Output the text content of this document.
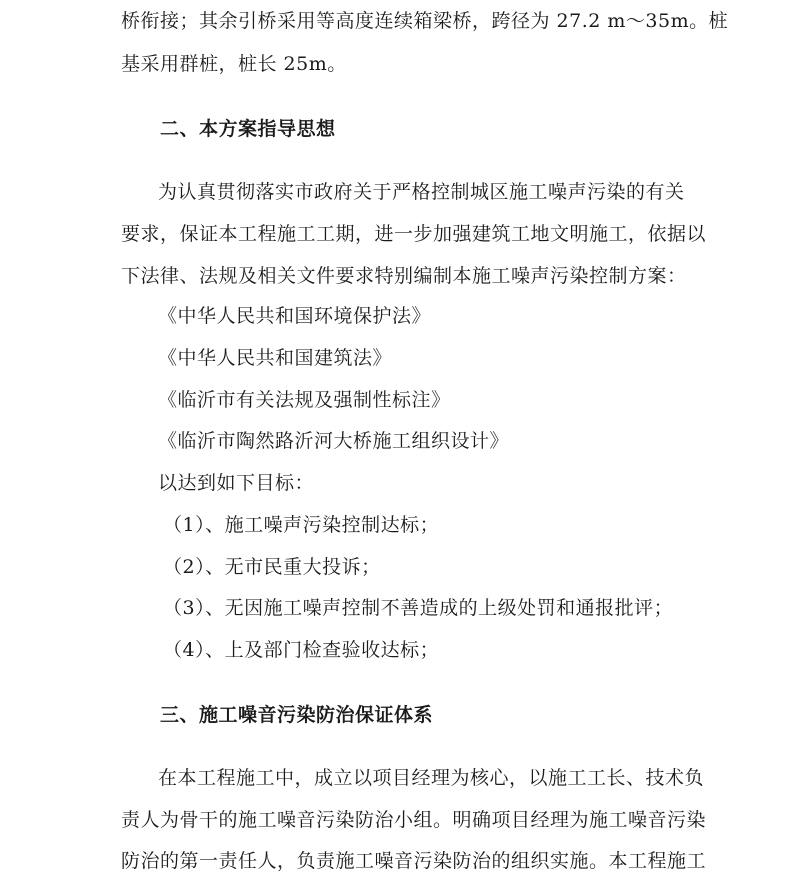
桥衔接；其余引桥采用等高度连续箱梁桥，跨径为 27.2 m～35m。桩
基采用群桩，桩长 25m。
二、本方案指导思想
为认真贯彻落实市政府关于严格控制城区施工噪声污染的有关
要求，保证本工程施工工期，进一步加强建筑工地文明施工，依据以
下法律、法规及相关文件要求特别编制本施工噪声污染控制方案：
《中华人民共和国环境保护法》
《中华人民共和国建筑法》
《临沂市有关法规及强制性标注》
《临沂市陶然路沂河大桥施工组织设计》
以达到如下目标：
（1）、施工噪声污染控制达标；
（2）、无市民重大投诉；
（3）、无因施工噪声控制不善造成的上级处罚和通报批评；
（4）、上及部门检查验收达标；
三、施工噪音污染防治保证体系
在本工程施工中，成立以项目经理为核心，以施工工长、技术负
责人为骨干的施工噪音污染防治小组。明确项目经理为施工噪音污染
防治的第一责任人，负责施工噪音污染防治的组织实施。本工程施工
